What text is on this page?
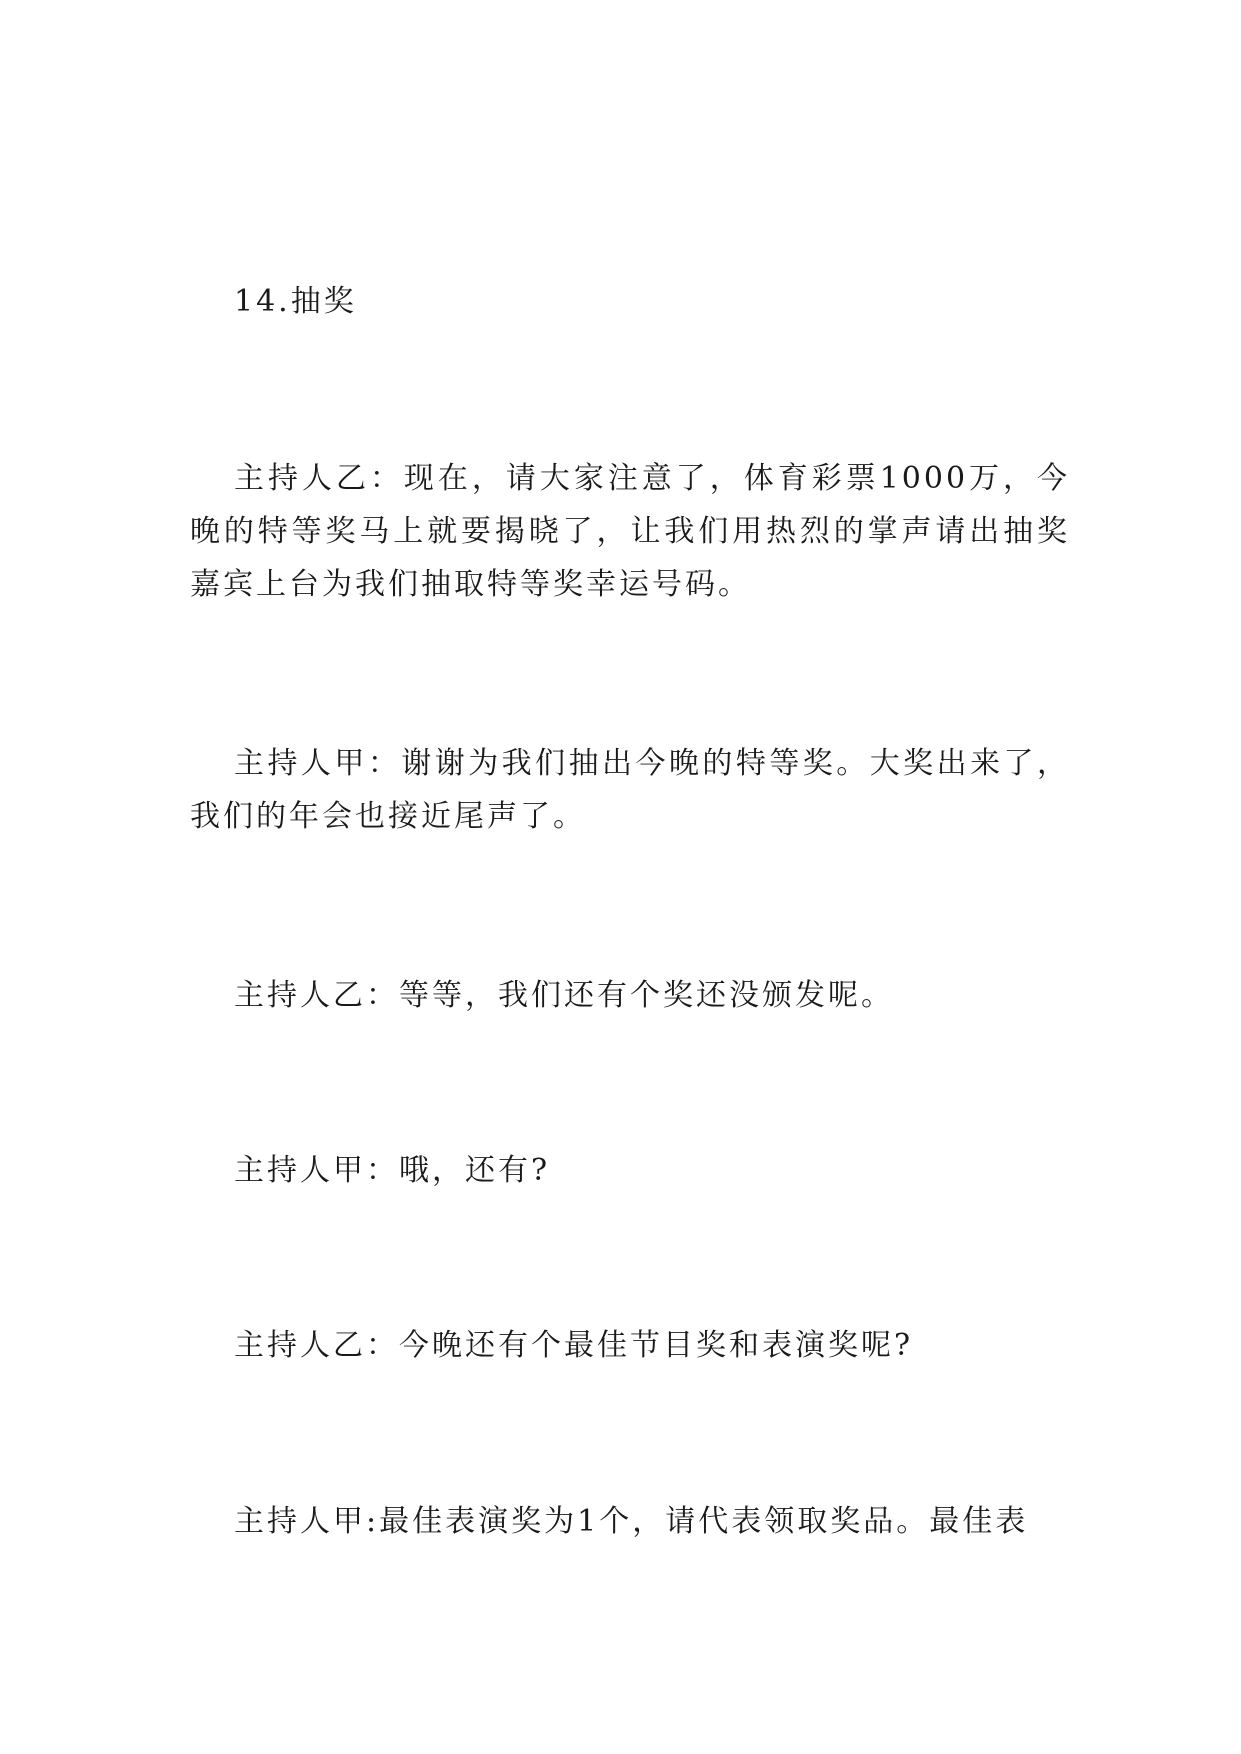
14.抽奖

主持人乙：现在，请大家注意了，体育彩票1000万，今晚的特等奖马上就要揭晓了，让我们用热烈的掌声请出抽奖嘉宾上台为我们抽取特等奖幸运号码。

主持人甲：谢谢为我们抽出今晚的特等奖。大奖出来了，我们的年会也接近尾声了。

主持人乙：等等，我们还有个奖还没颁发呢。

主持人甲：哦，还有?

主持人乙：今晚还有个最佳节目奖和表演奖呢?

主持人甲:最佳表演奖为1个，请代表领取奖品。最佳表
